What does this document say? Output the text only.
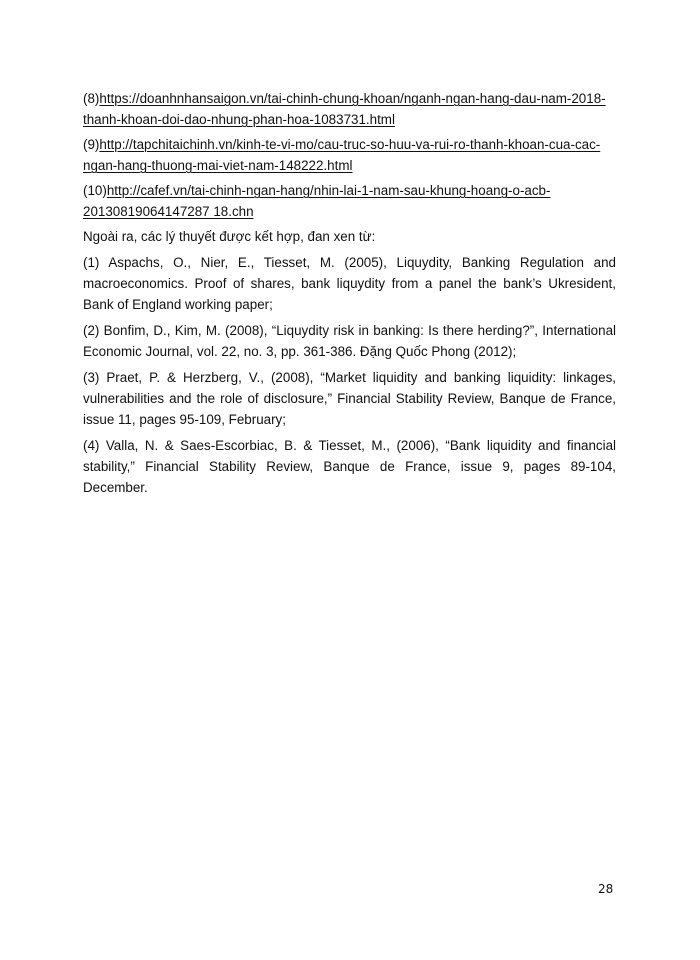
(8)https://doanhnhansaigon.vn/tai-chinh-chung-khoan/nganh-ngan-hang-dau-nam-2018-

thanh-khoan-doi-dao-nhung-phan-hoa-1083731.html

(9)http://tapchitaichinh.vn/kinh-te-vi-mo/cau-truc-so-huu-va-rui-ro-thanh-khoan-cua-cac-

ngan-hang-thuong-mai-viet-nam-148222.html

(10)http://cafef.vn/tai-chinh-ngan-hang/nhin-lai-1-nam-sau-khung-hoang-o-acb-

20130819064147287 18.chn

Ngoài ra, các lý thuyết được kết hợp, đan xen từ:

(1) Aspachs, O., Nier, E., Tiesset, M. (2005), Liquydity, Banking Regulation and macroeconomics. Proof of shares, bank liquydity from a panel the bank’s Ukresident, Bank of England working paper;

(2) Bonfim, D., Kim, M. (2008), “Liquydity risk in banking: Is there herding?”, International Economic Journal, vol. 22, no. 3, pp. 361-386. Đặng Quốc Phong (2012);

(3) Praet, P. & Herzberg, V., (2008), “Market liquidity and banking liquidity: linkages, vulnerabilities and the role of disclosure,” Financial Stability Review, Banque de France, issue 11, pages 95-109, February;

(4) Valla, N. & Saes-Escorbiac, B. & Tiesset, M., (2006), “Bank liquidity and financial stability,” Financial Stability Review, Banque de France, issue 9, pages 89-104, December.

28
